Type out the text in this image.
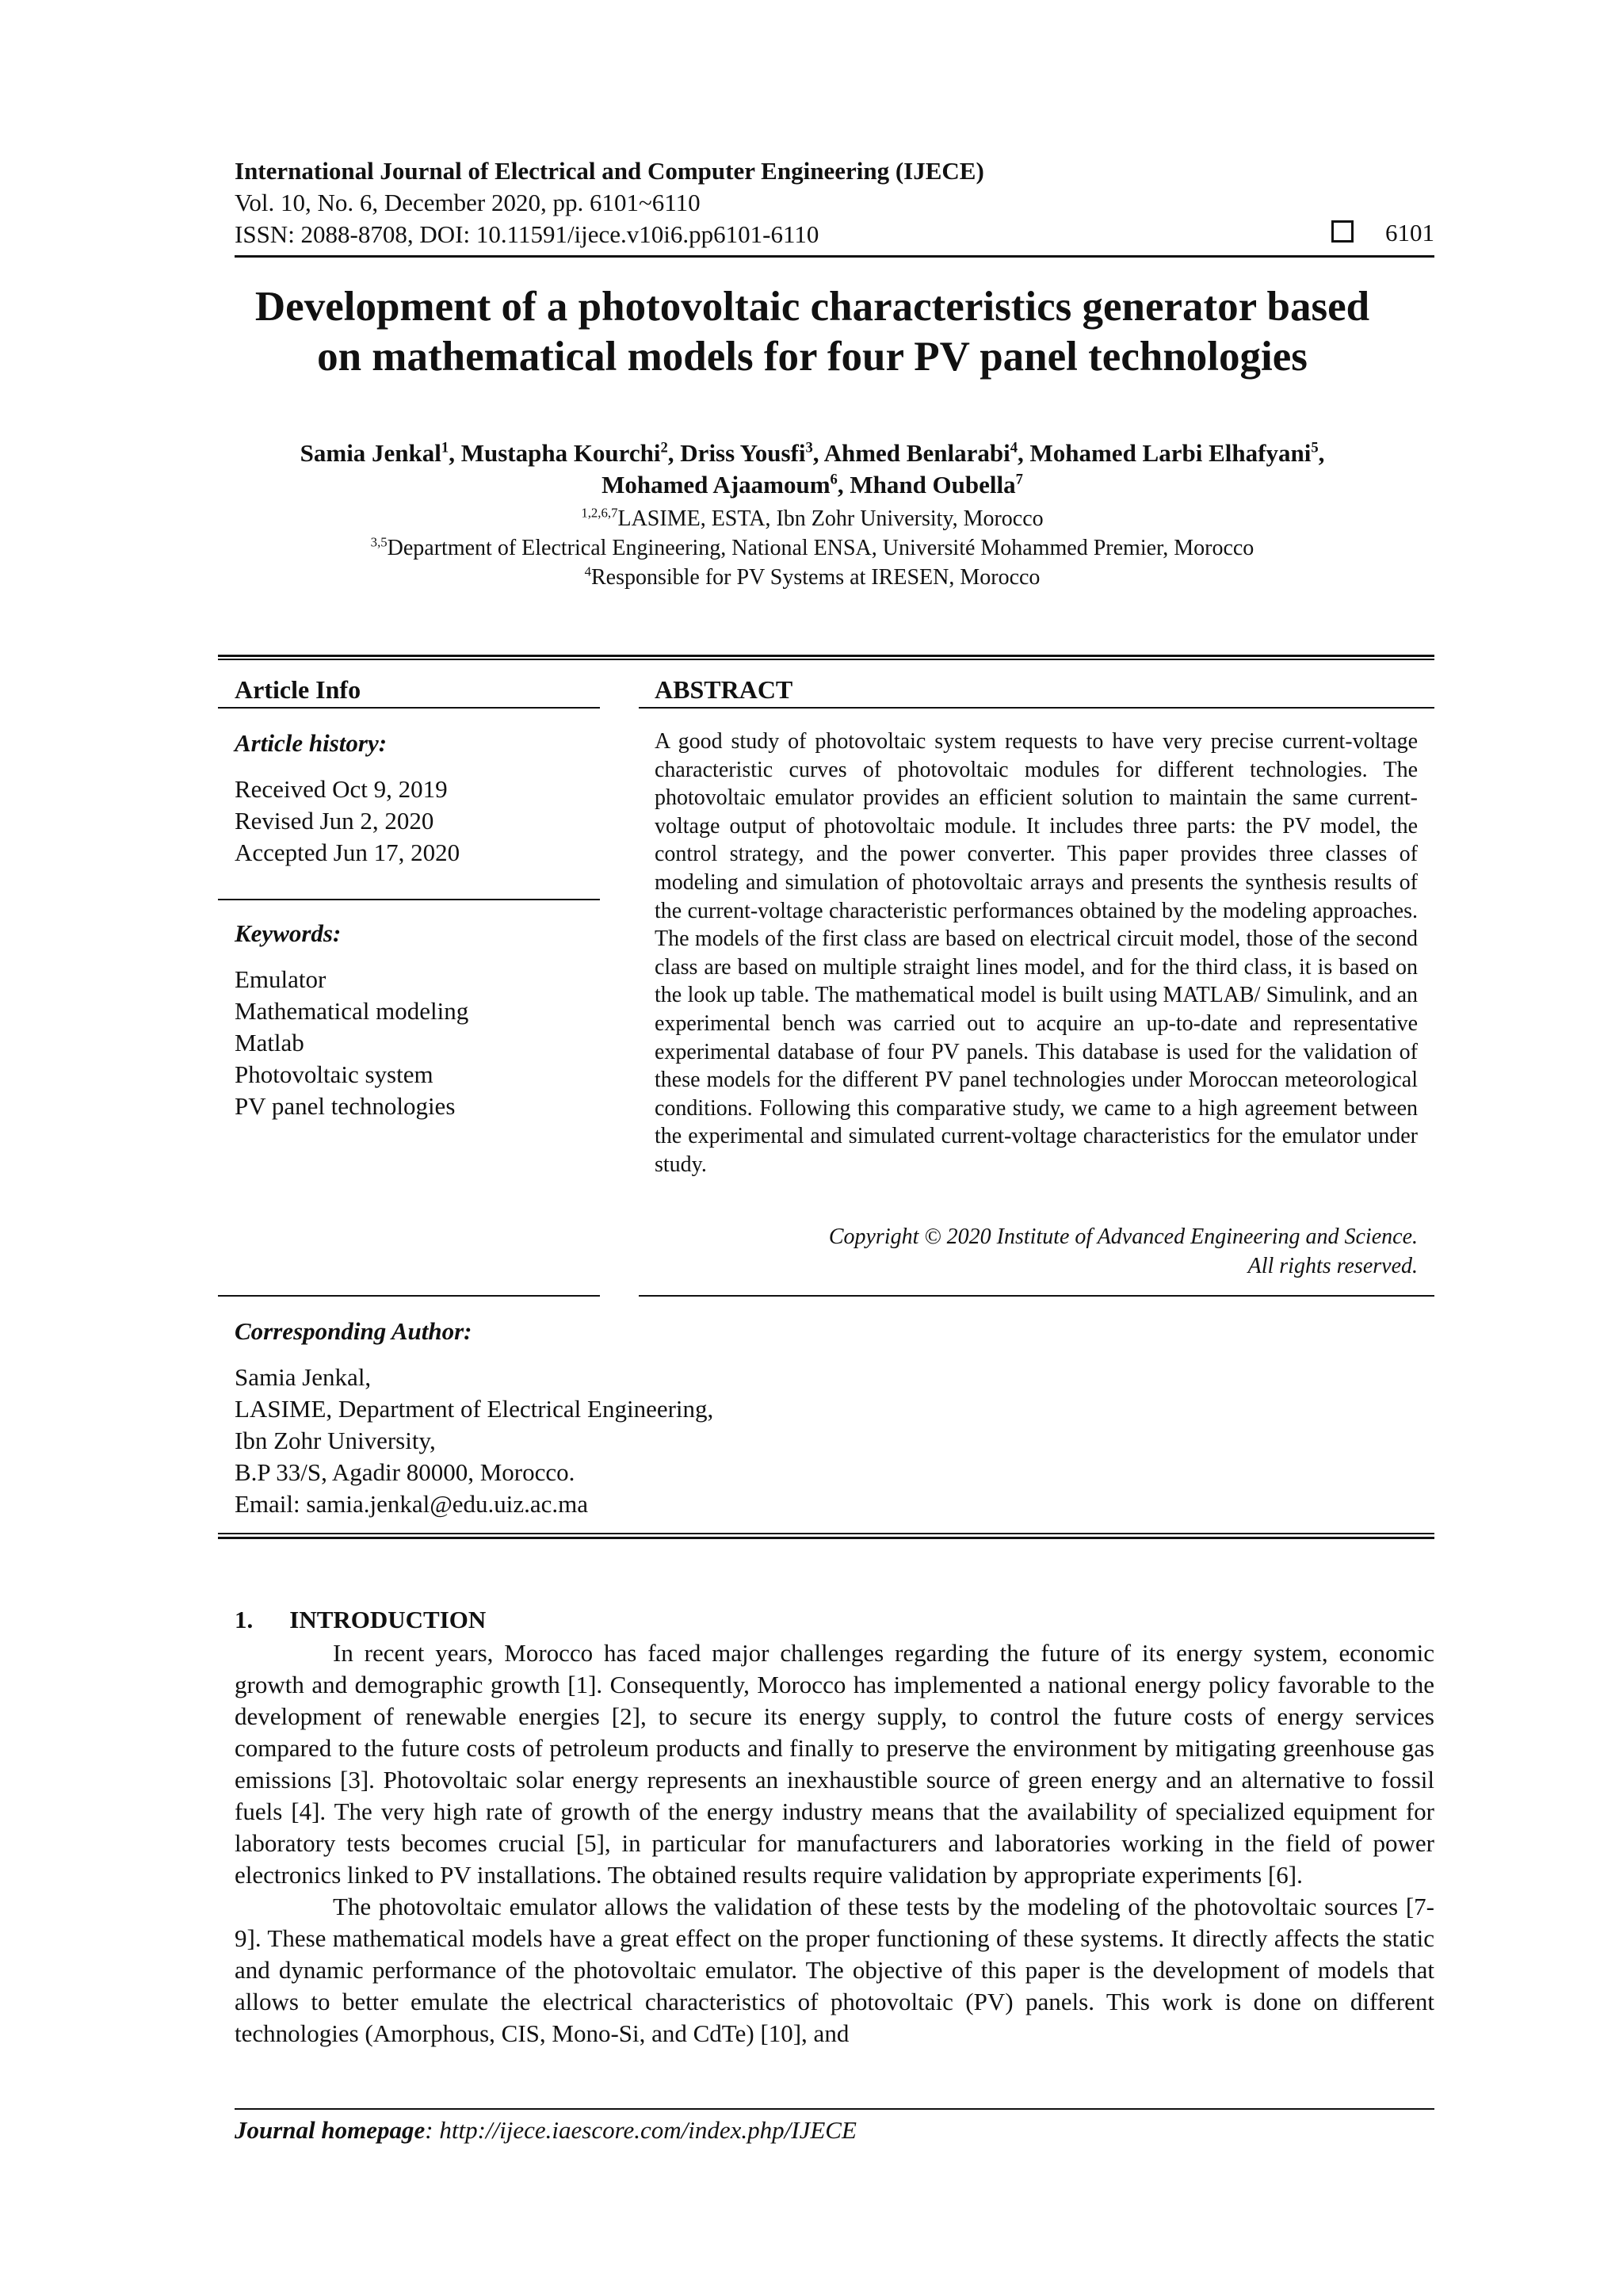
International Journal of Electrical and Computer Engineering (IJECE)
Vol. 10, No. 6, December 2020, pp. 6101~6110
ISSN: 2088-8708, DOI: 10.11591/ijece.v10i6.pp6101-6110	6101
Development of a photovoltaic characteristics generator based
on mathematical models for four PV panel technologies
Samia Jenkal$^1$, Mustapha Kourchi$^2$, Driss Yousfi$^3$, Ahmed Benlarabi$^4$, Mohamed Larbi Elhafyani$^5$,
Mohamed Ajaamoum$^6$, Mhand Oubella$^7$
$^{1,2,6,7}$LASIME, ESTA, Ibn Zohr University, Morocco
$^{3,5}$Department of Electrical Engineering, National ENSA, Université Mohammed Premier, Morocco
$^4$Responsible for PV Systems at IRESEN, Morocco
Article Info
Article history:
Received Oct 9, 2019
Revised Jun 2, 2020
Accepted Jun 17, 2020
Keywords:
Emulator
Mathematical modeling
Matlab
Photovoltaic system
PV panel technologies
ABSTRACT

A good study of photovoltaic system requests to have very precise current-voltage characteristic curves of photovoltaic modules for different technologies. The photovoltaic emulator provides an efficient solution to maintain the same current-voltage output of photovoltaic module. It includes three parts: the PV model, the control strategy, and the power converter. This paper provides three classes of modeling and simulation of photovoltaic arrays and presents the synthesis results of the current-voltage characteristic performances obtained by the modeling approaches. The models of the first class are based on electrical circuit model, those of the second class are based on multiple straight lines model, and for the third class, it is based on the look up table. The mathematical model is built using MATLAB/ Simulink, and an experimental bench was carried out to acquire an up-to-date and representative experimental database of four PV panels. This database is used for the validation of these models for the different PV panel technologies under Moroccan meteorological conditions. Following this comparative study, we came to a high agreement between the experimental and simulated current-voltage characteristics for the emulator under study.

Copyright © 2020 Institute of Advanced Engineering and Science.
All rights reserved.
Corresponding Author:
Samia Jenkal,
LASIME, Department of Electrical Engineering,
Ibn Zohr University,
B.P 33/S, Agadir 80000, Morocco.
Email: samia.jenkal@edu.uiz.ac.ma
1. INTRODUCTION

In recent years, Morocco has faced major challenges regarding the future of its energy system, economic growth and demographic growth [1]. Consequently, Morocco has implemented a national energy policy favorable to the development of renewable energies [2], to secure its energy supply, to control the future costs of energy services compared to the future costs of petroleum products and finally to preserve the environment by mitigating greenhouse gas emissions [3]. Photovoltaic solar energy represents an inexhaustible source of green energy and an alternative to fossil fuels [4]. The very high rate of growth of the energy industry means that the availability of specialized equipment for laboratory tests becomes crucial [5], in particular for manufacturers and laboratories working in the field of power electronics linked to PV installations. The obtained results require validation by appropriate experiments [6].

The photovoltaic emulator allows the validation of these tests by the modeling of the photovoltaic sources [7-9]. These mathematical models have a great effect on the proper functioning of these systems. It directly affects the static and dynamic performance of the photovoltaic emulator. The objective of this paper is the development of models that allows to better emulate the electrical characteristics of photovoltaic (PV) panels. This work is done on different technologies (Amorphous, CIS, Mono-Si, and CdTe) [10], and

Journal homepage: http://ijece.iaescore.com/index.php/IJECE
